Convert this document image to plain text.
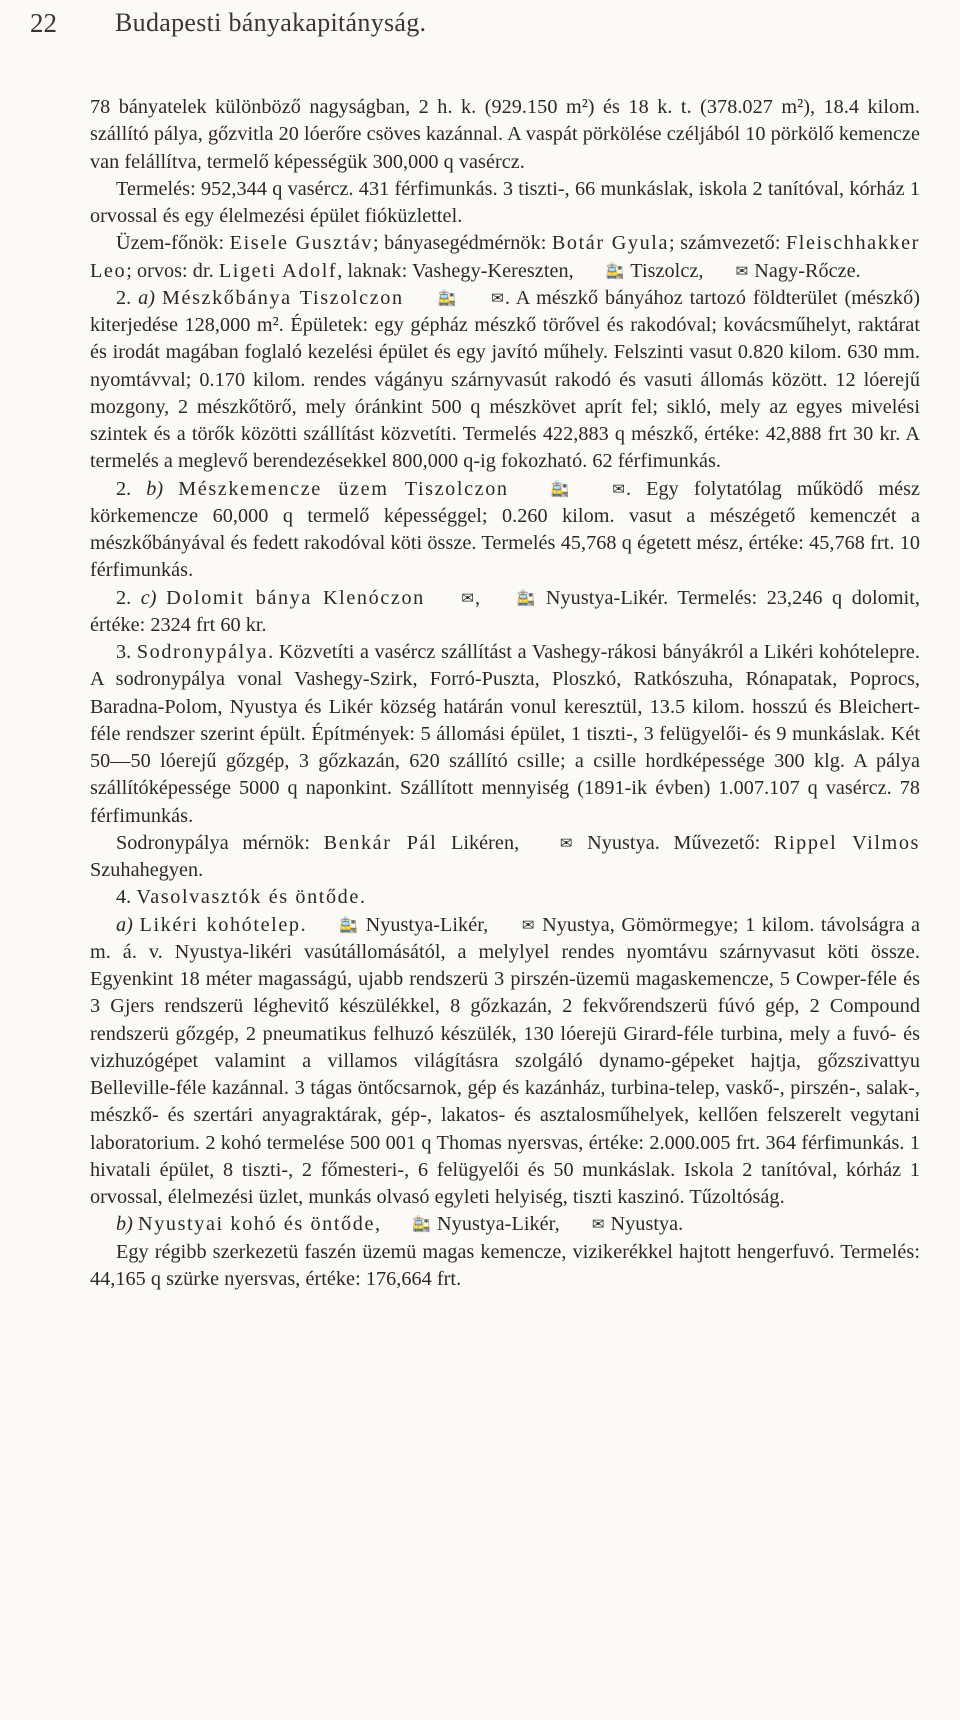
22 Budapesti bányakapitányság.

78 bányatelek különböző nagyságban, 2 h. k. (929.150 m²) és 18 k. t. (378.027 m²), 18.4 kilom. szállító pálya, gőzvitla 20 lóerőre csöves kazánnal. A vaspát pörkölése czéljából 10 pörkölő kemencze van felállítva, termelő képességük 300,000 q vasércz.

Termelés: 952,344 q vasércz. 431 férfimunkás. 3 tiszti-, 66 munkáslak, iskola 2 tanítóval, kórház 1 orvossal és egy élelmezési épület fióküzlettel.

Üzem-főnök: Eisele Gusztáv; bányasegédmérnök: Botár Gyula; számvezető: Fleischhakker Leo; orvos: dr. Ligeti Adolf, laknak: Vashegy-Kereszten, 🚉 Tiszolcz, ✉ Nagy-Rőcze.

2. a) Mészkőbánya Tiszolczon 🚉 ✉. A mészkő bányához tartozó földterület (mészkő) kiterjedése 128,000 m². Épületek: egy gépház mészkő törővel és rakodóval; kovácsműhelyt, raktárat és irodát magában foglaló kezelési épület és egy javító műhely. Felszinti vasut 0.820 kilom. 630 mm. nyomtávval; 0.170 kilom. rendes vágányu szárnyvasút rakodó és vasuti állomás között. 12 lóerejű mozgony, 2 mészkőtörő, mely óránkint 500 q mészkövet aprít fel; sikló, mely az egyes mivelési szintek és a törők közötti szállítást közvetíti. Termelés 422,883 q mészkő, értéke: 42,888 frt 30 kr. A termelés a meglevő berendezésekkel 800,000 q-ig fokozható. 62 férfimunkás.

2. b) Mészkemencze üzem Tiszolczon	🚉	✉. Egy folytatólag működő mész körkemencze 60,000 q termelő képességgel; 0.260 kilom. vasut a mészégető kemenczét a mészkőbányával és fedett rakodóval köti össze. Termelés 45,768 q égetett mész, értéke: 45,768 frt. 10 férfimunkás.

2. c) Dolomit bánya Klenóczon ✉, 🚉 Nyustya-Likér. Termelés: 23,246 q dolomit, értéke: 2324 frt 60 kr.

3. Sodronypálya. Közvetíti a vasércz szállítást a Vashegy-rákosi bányákról a Likéri kohótelepre. A sodronypálya vonal Vashegy-Szirk, Forró-Puszta, Ploszkó, Ratkószuha, Rónapatak, Poprocs, Baradna-Polom, Nyustya és Likér község határán vonul keresztül, 13.5 kilom. hosszú és Bleichert-féle rendszer szerint épült. Építmények: 5 állomási épület, 1 tiszti-, 3 felügyelői- és 9 munkáslak. Két 50—50 lóerejű gőzgép, 3 gőzkazán, 620 szállító csille; a csille hordképessége 300 klg. A pálya szállítóképessége 5000 q naponkint. Szállított mennyiség (1891-ik évben) 1.007.107 q vasércz. 78 férfimunkás.

Sodronypálya mérnök: Benkár Pál Likéren, ✉ Nyustya. Művezető: Rippel Vilmos Szuhahegyen.

4. Vasolvasztók és öntőde.

a) Likéri kohótelep. 🚉 Nyustya-Likér, ✉ Nyustya, Gömörmegye; 1 kilom. távolságra a m. á. v. Nyustya-likéri vasútállomásától, a melylyel rendes nyomtávu szárnyvasut köti össze. Egyenkint 18 méter magasságú, ujabb rendszerü 3 pirszén-üzemü magaskemencze, 5 Cowper-féle és 3 Gjers rendszerü léghevitő készülékkel, 8 gőzkazán, 2 fekvőrendszerü fúvó gép, 2 Compound rendszerü gőzgép, 2 pneumatikus felhuzó készülék, 130 lóerejü Girard-féle turbina, mely a fuvó- és vizhuzógépet valamint a villamos világításra szolgáló dynamo-gépeket hajtja, gőzszivattyu Belleville-féle kazánnal. 3 tágas öntőcsarnok, gép és kazánház, turbina-telep, vaskő-, pirszén-, salak-, mészkő- és szertári anyagraktárak, gép-, lakatos- és asztalosműhelyek, kellően felszerelt vegytani laboratorium. 2 kohó termelése 500 001 q Thomas nyersvas, értéke: 2.000.005 frt. 364 férfimunkás. 1 hivatali épület, 8 tiszti-, 2 főmesteri-, 6 felügyelői és 50 munkáslak. Iskola 2 tanítóval, kórház 1 orvossal, élelmezési üzlet, munkás olvasó egyleti helyiség, tiszti kaszinó. Tűzoltóság.

b) Nyustyai kohó és öntőde, 🚉 Nyustya-Likér, ✉ Nyustya.

Egy régibb szerkezetü faszén üzemü magas kemencze, vizikerékkel hajtott hengerfuvó. Termelés: 44,165 q szürke nyersvas, értéke: 176,664 frt.
